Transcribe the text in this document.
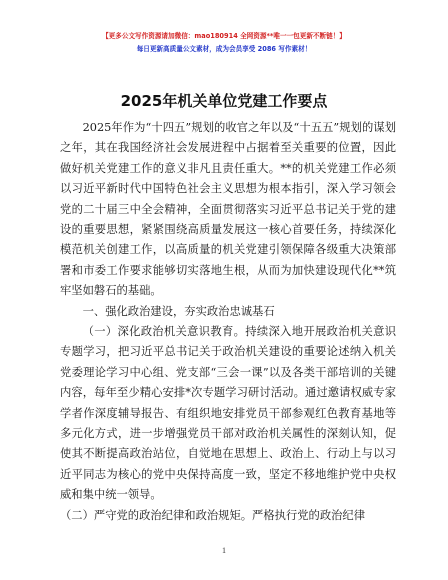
【更多公文写作资源请加微信：mao180914 全网资源**唯一一包更新不断链！】
每日更新高质量公文素材，成为会员享受 2086 写作素材！
2025年机关单位党建工作要点

2025年作为“十四五”规划的收官之年以及“十五五”规划的谋划之年，其在我国经济社会发展进程中占据着至关重要的位置，因此做好机关党建工作的意义非凡且责任重大。**的机关党建工作必须以习近平新时代中国特色社会主义思想为根本指引，深入学习领会党的二十届三中全会精神，全面贯彻落实习近平总书记关于党的建设的重要思想，紧紧围绕高质量发展这一核心首要任务，持续深化模范机关创建工作，以高质量的机关党建引领保障各级重大决策部署和市委工作要求能够切实落地生根，从而为加快建设现代化**筑牢坚如磐石的基础。

一、强化政治建设，夯实政治忠诚基石

（一）深化政治机关意识教育。持续深入地开展政治机关意识专题学习，把习近平总书记关于政治机关建设的重要论述纳入机关党委理论学习中心组、党支部“三会一课”以及各类干部培训的关键内容，每年至少精心安排*次专题学习研讨活动。通过邀请权威专家学者作深度辅导报告、有组织地安排党员干部参观红色教育基地等多元化方式，进一步增强党员干部对政治机关属性的深刻认知，促使其不断提高政治站位，自觉地在思想上、政治上、行动上与以习近平同志为核心的党中央保持高度一致，坚定不移地维护党中央权威和集中统一领导。

（二）严守党的政治纪律和政治规矩。严格执行党的政治纪律

1
